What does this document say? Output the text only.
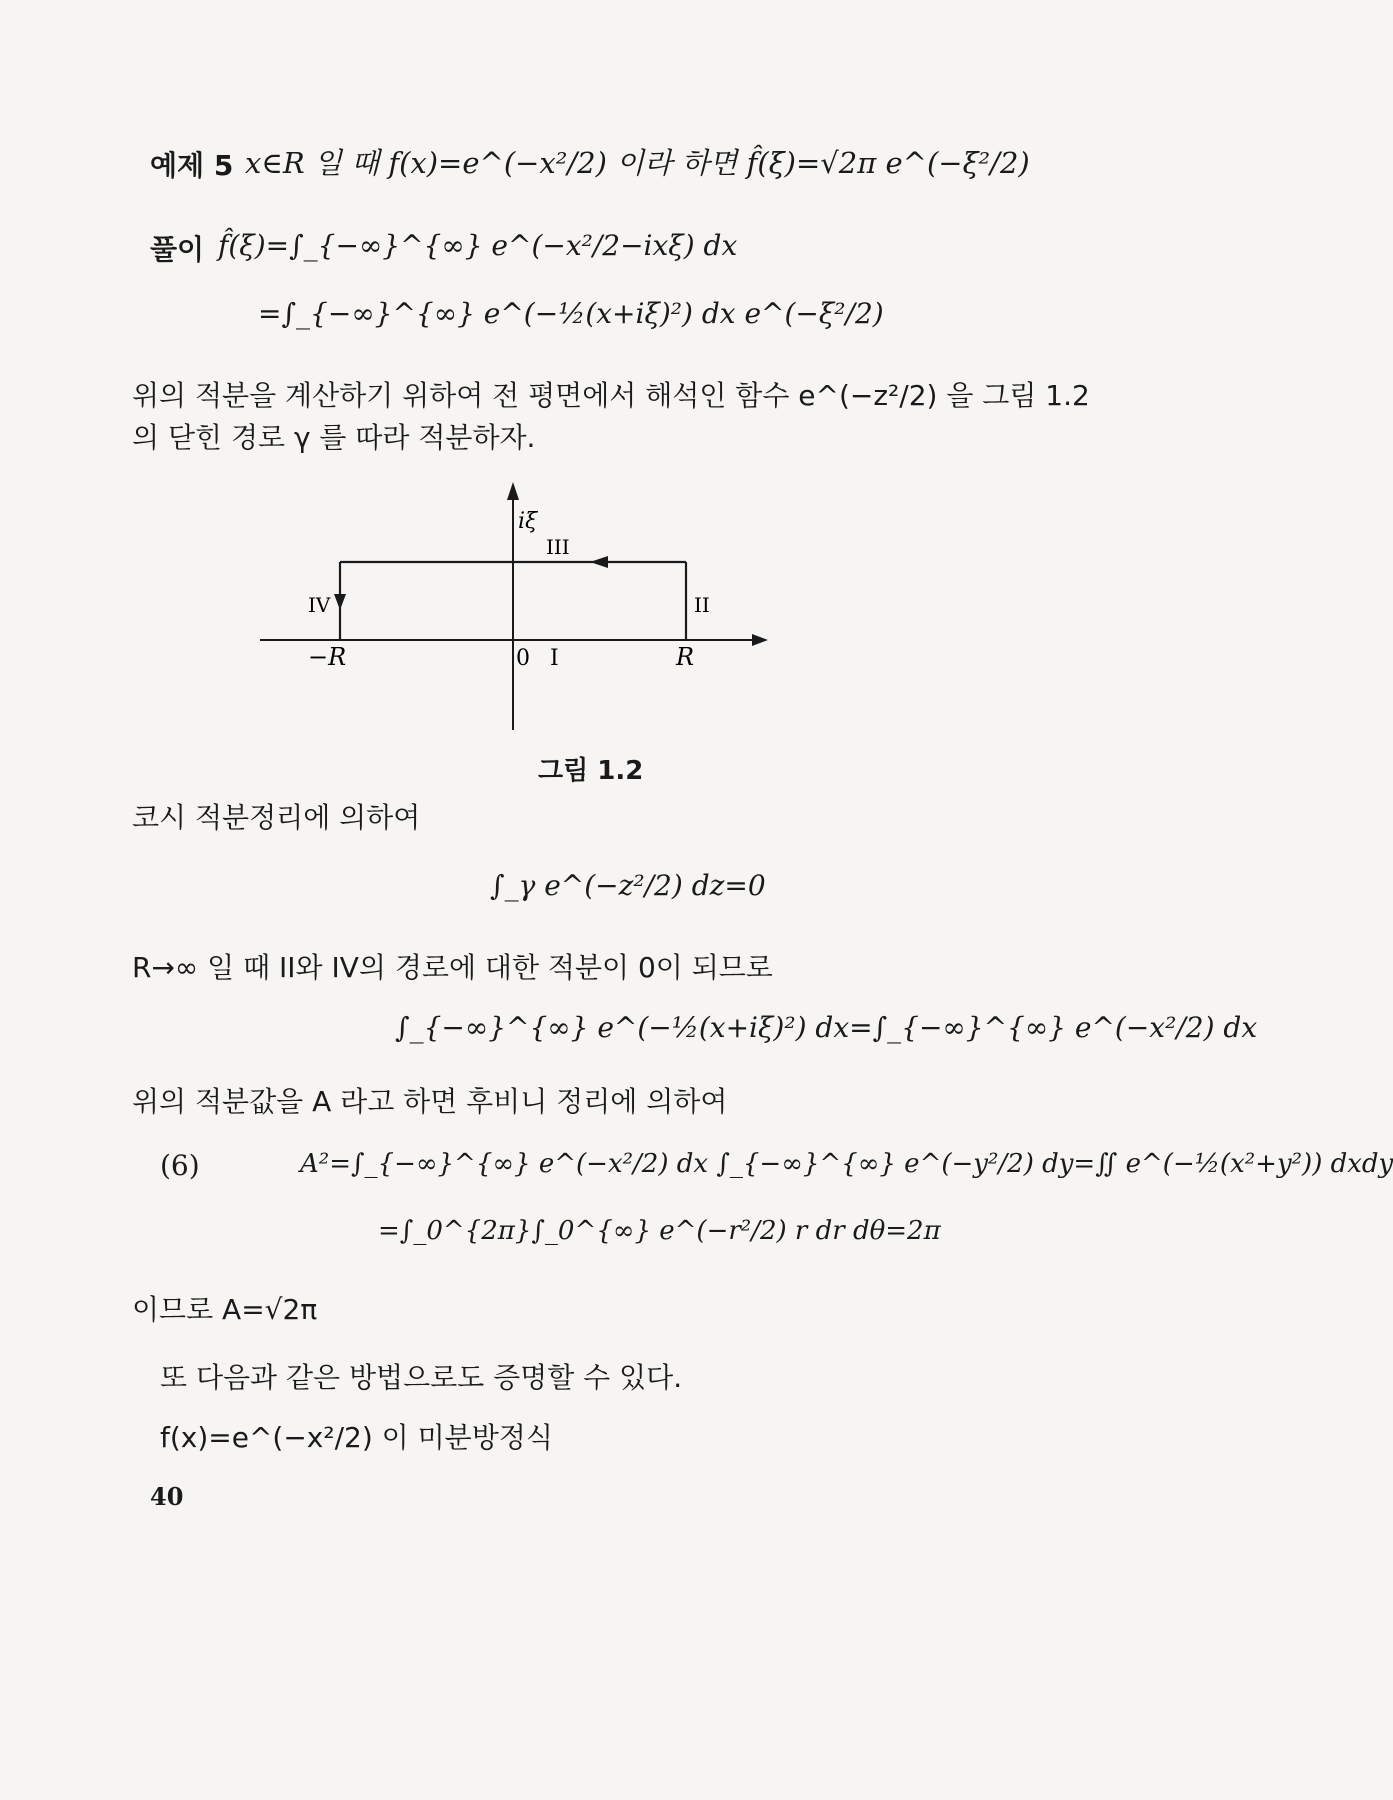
예제 5 x∈R 일 때 f(x)=e^(−x²/2) 이라 하면 f̂(ξ)=√2π e^(−ξ²/2)
풀이 f̂(ξ)=∫_{−∞}^{∞} e^(−x²/2−ixξ) dx
=∫_{−∞}^{∞} e^(−½(x+iξ)²) dx e^(−ξ²/2)
위의 적분을 계산하기 위하여 전 평면에서 해석인 함수 e^(−z²/2) 을 그림 1.2
의 닫힌 경로 γ 를 따라 적분하자.
iξ
III
IV	II
−R	0 I	R
그림 1.2
코시 적분정리에 의하여
∫_γ e^(−z²/2) dz=0
R→∞ 일 때 II와 IV의 경로에 대한 적분이 0이 되므로
∫_{−∞}^{∞} e^(−½(x+iξ)²) dx=∫_{−∞}^{∞} e^(−x²/2) dx
위의 적분값을 A 라고 하면 후비니 정리에 의하여
(6)	A²=∫_{−∞}^{∞} e^(−x²/2) dx ∫_{−∞}^{∞} e^(−y²/2) dy=∬ e^(−½(x²+y²)) dxdy
=∫_0^{2π}∫_0^{∞} e^(−r²/2) r dr dθ=2π
이므로 A=√2π
또 다음과 같은 방법으로도 증명할 수 있다.
f(x)=e^(−x²/2) 이 미분방정식
40
